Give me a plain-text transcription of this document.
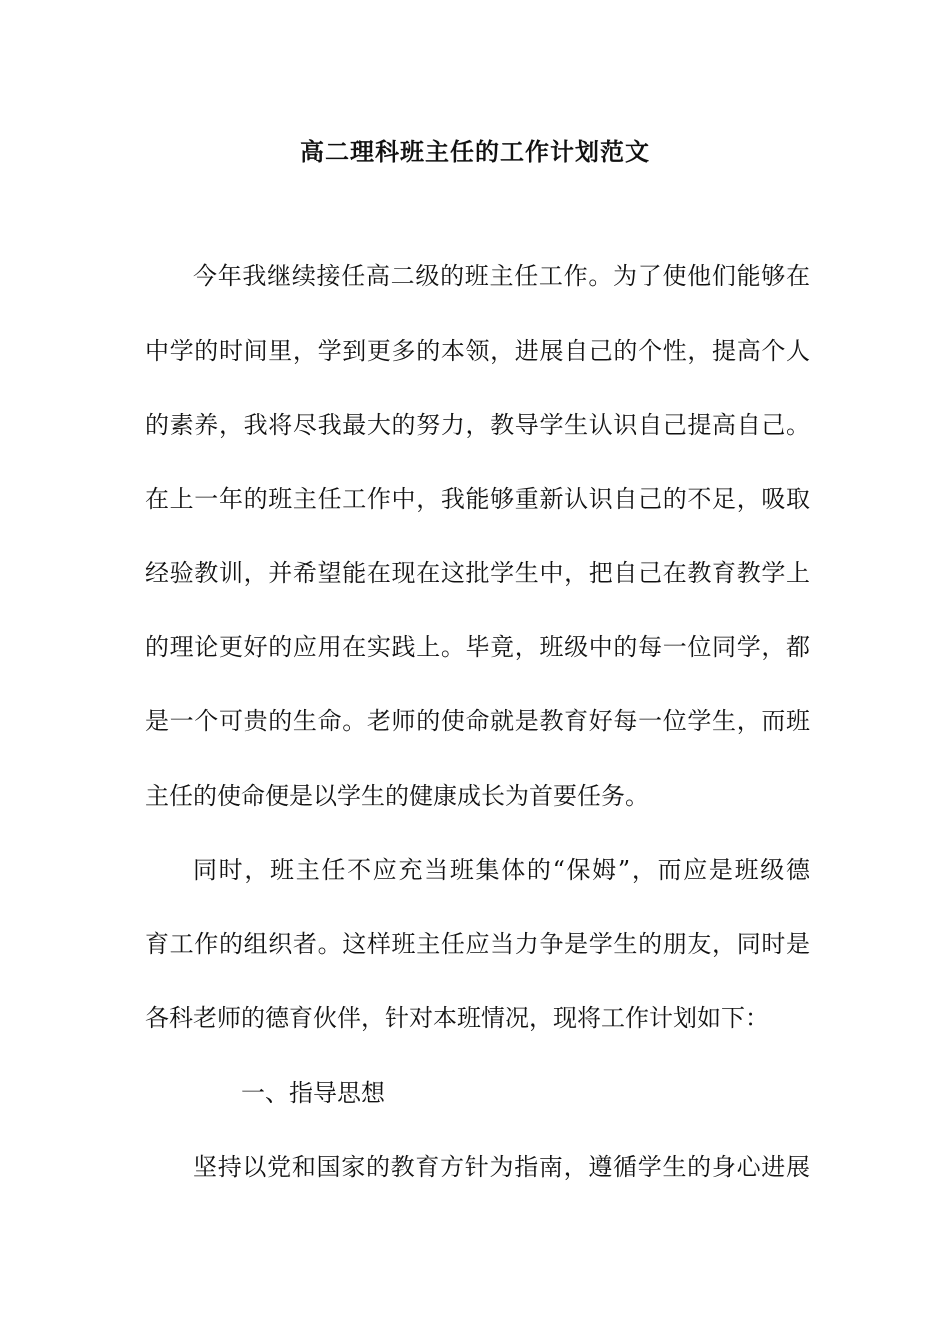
高二理科班主任的工作计划范文
今年我继续接任高二级的班主任工作。为了使他们能够在
中学的时间里，学到更多的本领，进展自己的个性，提高个人
的素养，我将尽我最大的努力，教导学生认识自己提高自己。
在上一年的班主任工作中，我能够重新认识自己的不足，吸取
经验教训，并希望能在现在这批学生中，把自己在教育教学上
的理论更好的应用在实践上。毕竟，班级中的每一位同学，都
是一个可贵的生命。老师的使命就是教育好每一位学生，而班
主任的使命便是以学生的健康成长为首要任务。
同时，班主任不应充当班集体的“保姆”，而应是班级德
育工作的组织者。这样班主任应当力争是学生的朋友，同时是
各科老师的德育伙伴，针对本班情况，现将工作计划如下：
一、指导思想
坚持以党和国家的教育方针为指南，遵循学生的身心进展
